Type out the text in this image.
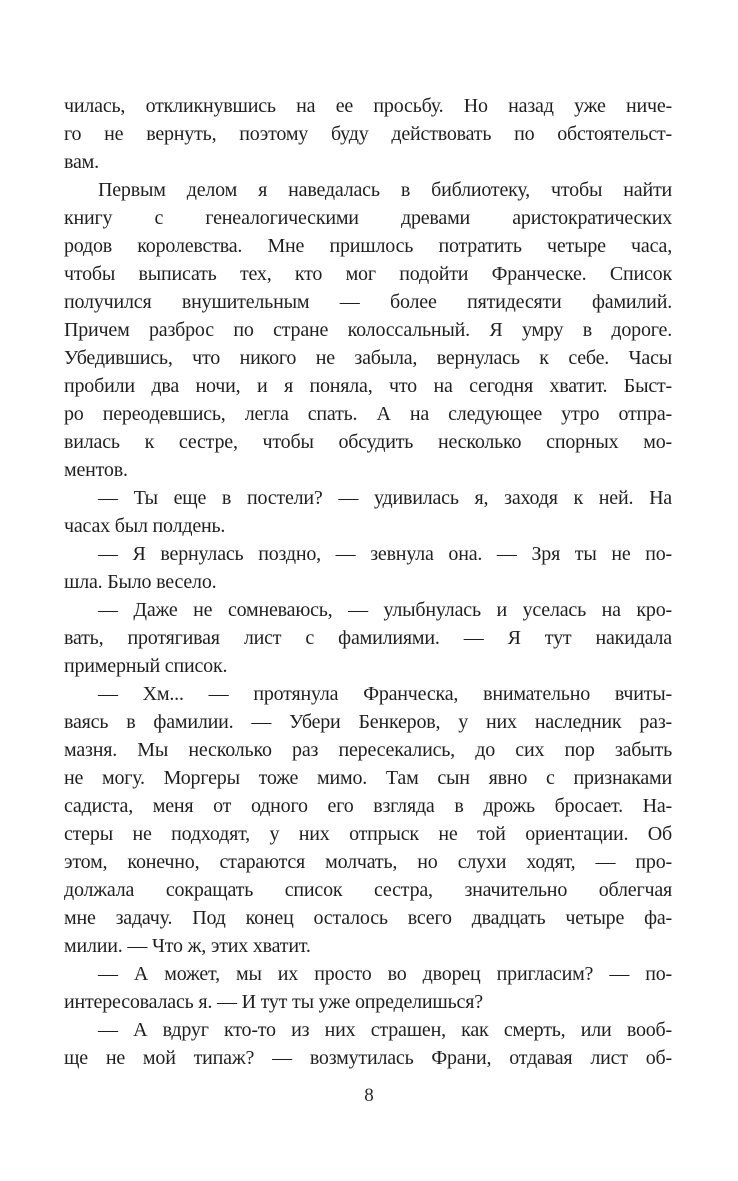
чилась, откликнувшись на ее просьбу. Но назад уже ниче-
го не вернуть, поэтому буду действовать по обстоятельст-
вам.
Первым делом я наведалась в библиотеку, чтобы найти
книгу с генеалогическими древами аристократических
родов королевства. Мне пришлось потратить четыре часа,
чтобы выписать тех, кто мог подойти Франческе. Список
получился внушительным — более пятидесяти фамилий.
Причем разброс по стране колоссальный. Я умру в дороге.
Убедившись, что никого не забыла, вернулась к себе. Часы
пробили два ночи, и я поняла, что на сегодня хватит. Быст-
ро переодевшись, легла спать. А на следующее утро отпра-
вилась к сестре, чтобы обсудить несколько спорных мо-
ментов.
— Ты еще в постели? — удивилась я, заходя к ней. На
часах был полдень.
— Я вернулась поздно, — зевнула она. — Зря ты не по-
шла. Было весело.
— Даже не сомневаюсь, — улыбнулась и уселась на кро-
вать, протягивая лист с фамилиями. — Я тут накидала
примерный список.
— Хм... — протянула Франческа, внимательно вчиты-
ваясь в фамилии. — Убери Бенкеров, у них наследник раз-
мазня. Мы несколько раз пересекались, до сих пор забыть
не могу. Моргеры тоже мимо. Там сын явно с признаками
садиста, меня от одного его взгляда в дрожь бросает. На-
стеры не подходят, у них отпрыск не той ориентации. Об
этом, конечно, стараются молчать, но слухи ходят, — про-
должала сокращать список сестра, значительно облегчая
мне задачу. Под конец осталось всего двадцать четыре фа-
милии. — Что ж, этих хватит.
— А может, мы их просто во дворец пригласим? — по-
интересовалась я. — И тут ты уже определишься?
— А вдруг кто-то из них страшен, как смерть, или вооб-
ще не мой типаж? — возмутилась Франи, отдавая лист об-
8
